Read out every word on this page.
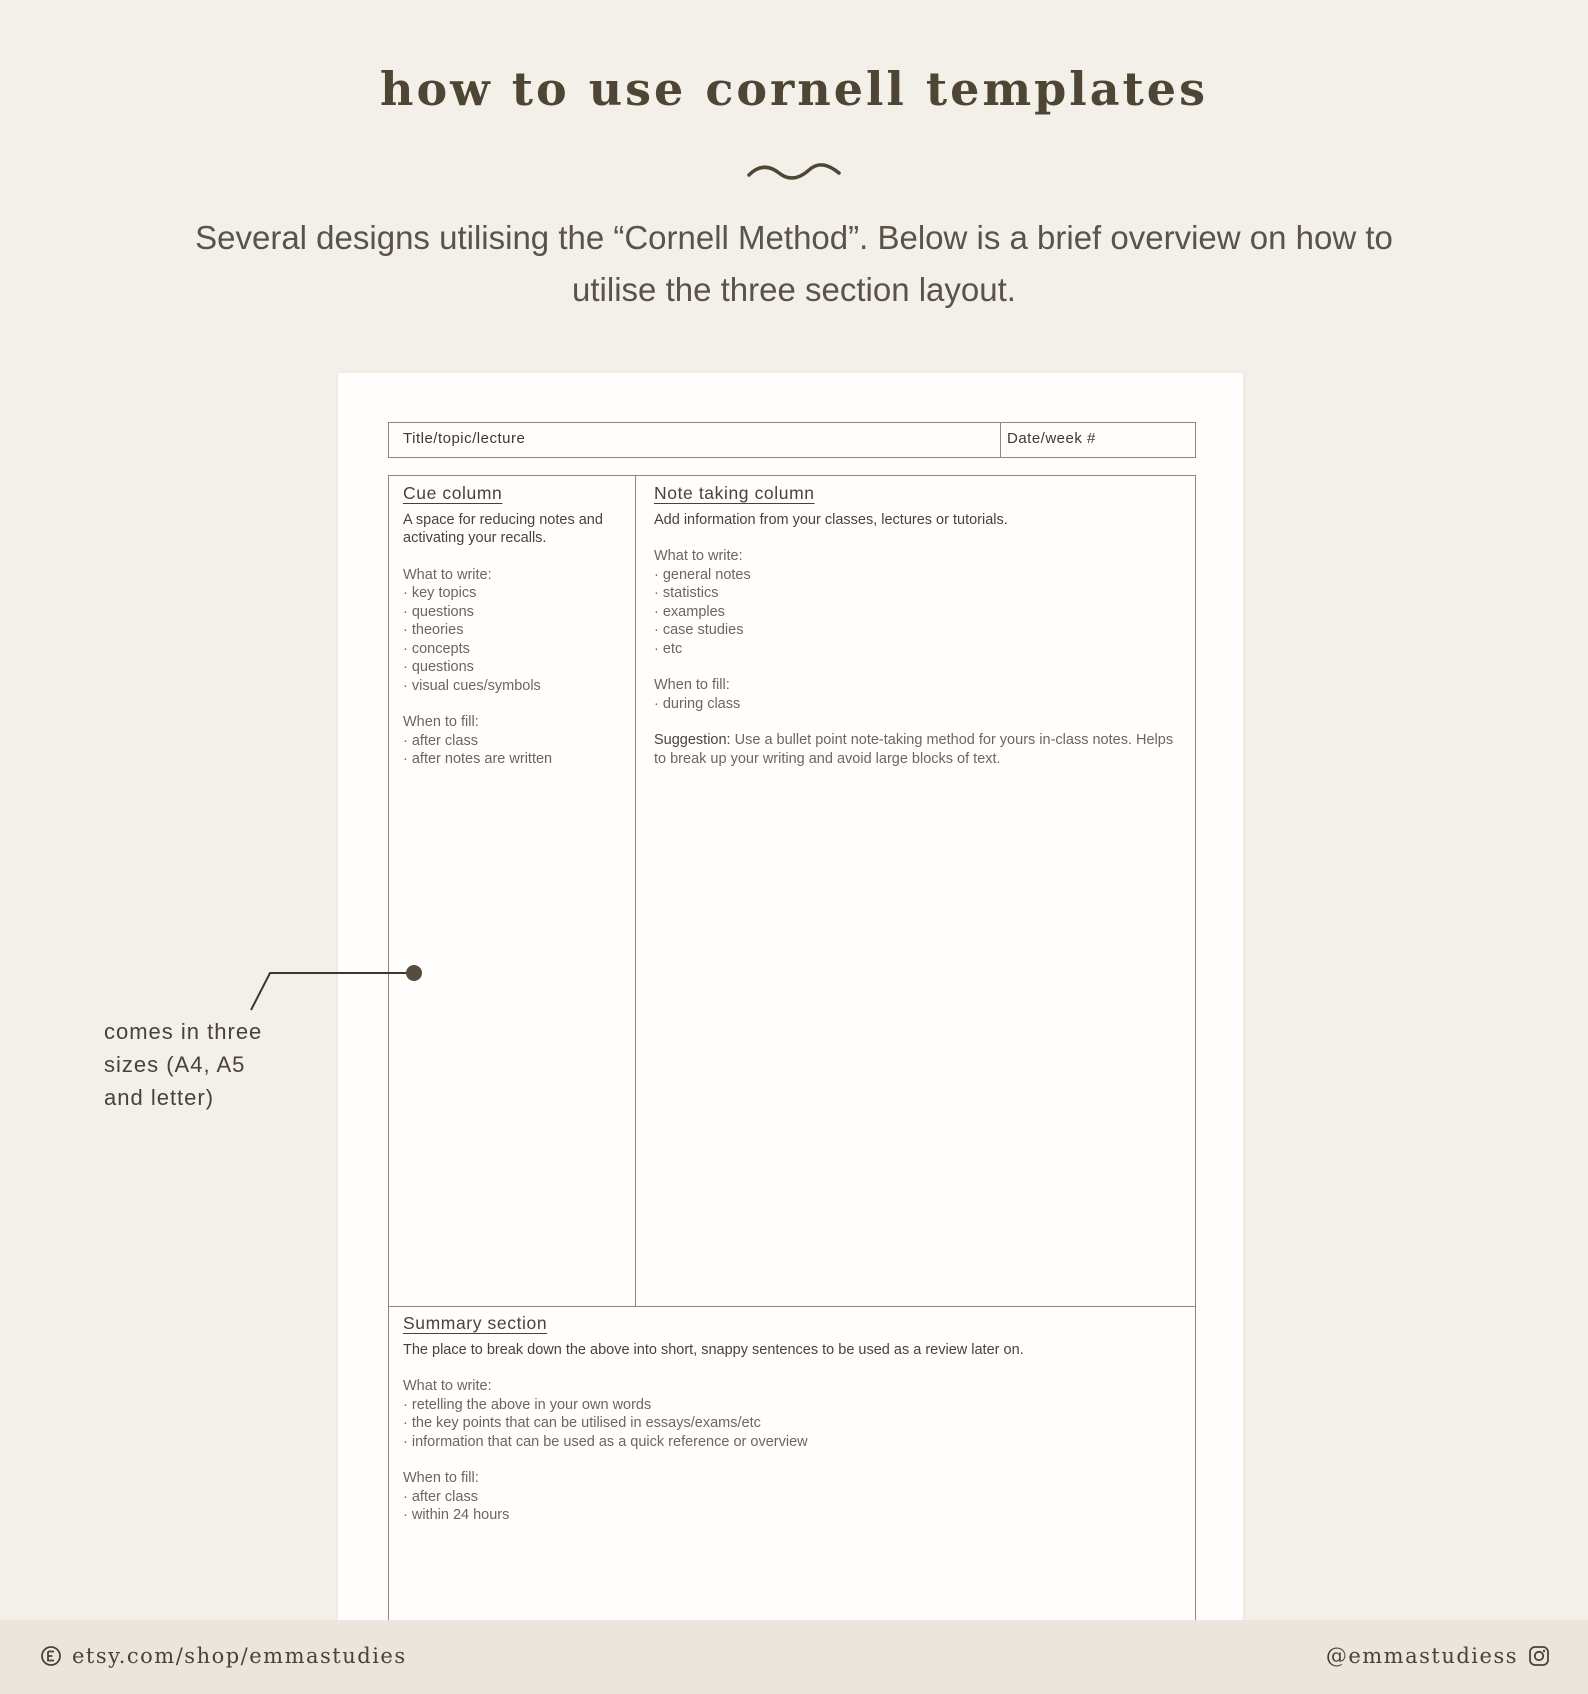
how to use cornell templates

Several designs utilising the “Cornell Method”. Below is a brief overview on how to utilise the three section layout.

Title/topic/lecture	Date/week #
Cue column

A space for reducing notes and activating your recalls.

What to write:

· key topics
· questions
· theories
· concepts
· questions
· visual cues/symbols

When to fill:

· after class
· after notes are written
Note taking column

Add information from your classes, lectures or tutorials.

What to write:

· general notes
· statistics
· examples
· case studies
· etc

When to fill:

· during class

Suggestion: Use a bullet point note-taking method for yours in-class notes. Helps to break up your writing and avoid large blocks of text.

Summary section

The place to break down the above into short, snappy sentences to be used as a review later on.

What to write:

· retelling the above in your own words
· the key points that can be utilised in essays/exams/etc
· information that can be used as a quick reference or overview

When to fill:

· after class
· within 24 hours

comes in three

sizes (A4, A5

and letter)

etsy.com/shop/emmastudies	@emmastudiess
